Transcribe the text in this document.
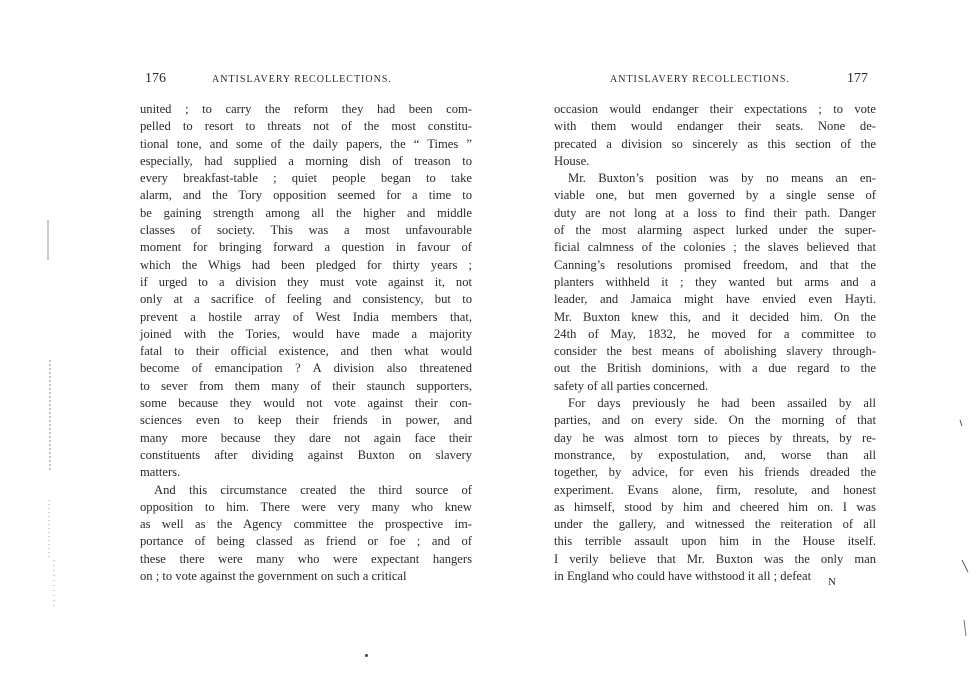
176	ANTISLAVERY RECOLLECTIONS.
united ; to carry the reform they had been com-
pelled to resort to threats not of the most constitu-
tional tone, and some of the daily papers, the “ Times ”
especially, had supplied a morning dish of treason to
every breakfast-table ; quiet people began to take
alarm, and the Tory opposition seemed for a time to
be gaining strength among all the higher and middle
classes of society. This was a most unfavourable
moment for bringing forward a question in favour of
which the Whigs had been pledged for thirty years ;
if urged to a division they must vote against it, not
only at a sacrifice of feeling and consistency, but to
prevent a hostile array of West India members that,
joined with the Tories, would have made a majority
fatal to their official existence, and then what would
become of emancipation ? A division also threatened
to sever from them many of their staunch supporters,
some because they would not vote against their con-
sciences even to keep their friends in power, and
many more because they dare not again face their
constituents after dividing against Buxton on slavery
matters.
And this circumstance created the third source of
opposition to him. There were very many who knew
as well as the Agency committee the prospective im-
portance of being classed as friend or foe ; and of
these there were many who were expectant hangers
on ; to vote against the government on such a critical
ANTISLAVERY RECOLLECTIONS.	177
occasion would endanger their expectations ; to vote
with them would endanger their seats. None de-
precated a division so sincerely as this section of the
House.
Mr. Buxton’s position was by no means an en-
viable one, but men governed by a single sense of
duty are not long at a loss to find their path. Danger
of the most alarming aspect lurked under the super-
ficial calmness of the colonies ; the slaves believed that
Canning’s resolutions promised freedom, and that the
planters withheld it ; they wanted but arms and a
leader, and Jamaica might have envied even Hayti.
Mr. Buxton knew this, and it decided him. On the
24th of May, 1832, he moved for a committee to
consider the best means of abolishing slavery through-
out the British dominions, with a due regard to the
safety of all parties concerned.
For days previously he had been assailed by all
parties, and on every side. On the morning of that
day he was almost torn to pieces by threats, by re-
monstrance, by expostulation, and, worse than all
together, by advice, for even his friends dreaded the
experiment. Evans alone, firm, resolute, and honest
as himself, stood by him and cheered him on. I was
under the gallery, and witnessed the reiteration of all
this terrible assault upon him in the House itself.
I verily believe that Mr. Buxton was the only man
in England who could have withstood it all ; defeat	N
